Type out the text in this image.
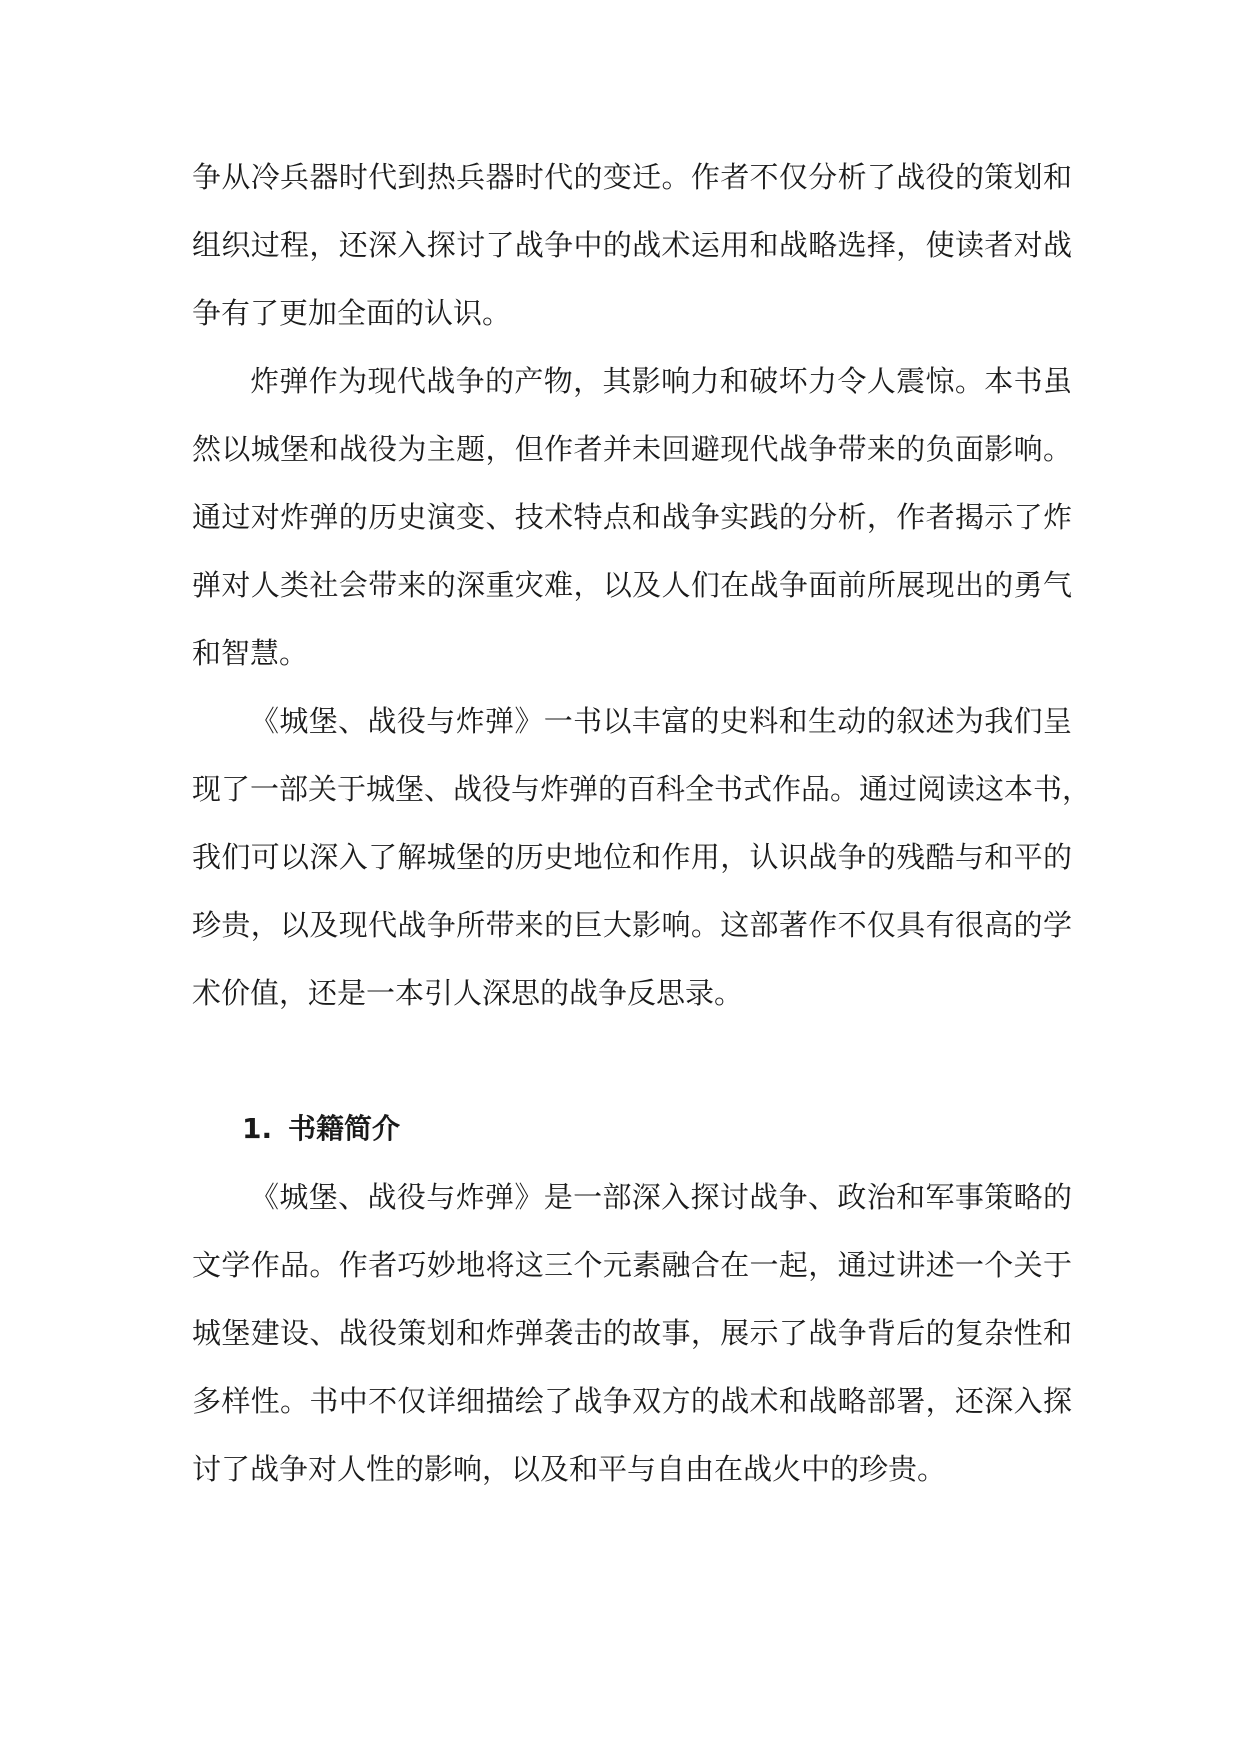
争从冷兵器时代到热兵器时代的变迁。作者不仅分析了战役的策划和
组织过程，还深入探讨了战争中的战术运用和战略选择，使读者对战
争有了更加全面的认识。
炸弹作为现代战争的产物，其影响力和破坏力令人震惊。本书虽
然以城堡和战役为主题，但作者并未回避现代战争带来的负面影响。
通过对炸弹的历史演变、技术特点和战争实践的分析，作者揭示了炸
弹对人类社会带来的深重灾难，以及人们在战争面前所展现出的勇气
和智慧。
《城堡、战役与炸弹》一书以丰富的史料和生动的叙述为我们呈
现了一部关于城堡、战役与炸弹的百科全书式作品。通过阅读这本书，
我们可以深入了解城堡的历史地位和作用，认识战争的残酷与和平的
珍贵，以及现代战争所带来的巨大影响。这部著作不仅具有很高的学
术价值，还是一本引人深思的战争反思录。
1. 书籍简介
《城堡、战役与炸弹》是一部深入探讨战争、政治和军事策略的
文学作品。作者巧妙地将这三个元素融合在一起，通过讲述一个关于
城堡建设、战役策划和炸弹袭击的故事，展示了战争背后的复杂性和
多样性。书中不仅详细描绘了战争双方的战术和战略部署，还深入探
讨了战争对人性的影响，以及和平与自由在战火中的珍贵。
